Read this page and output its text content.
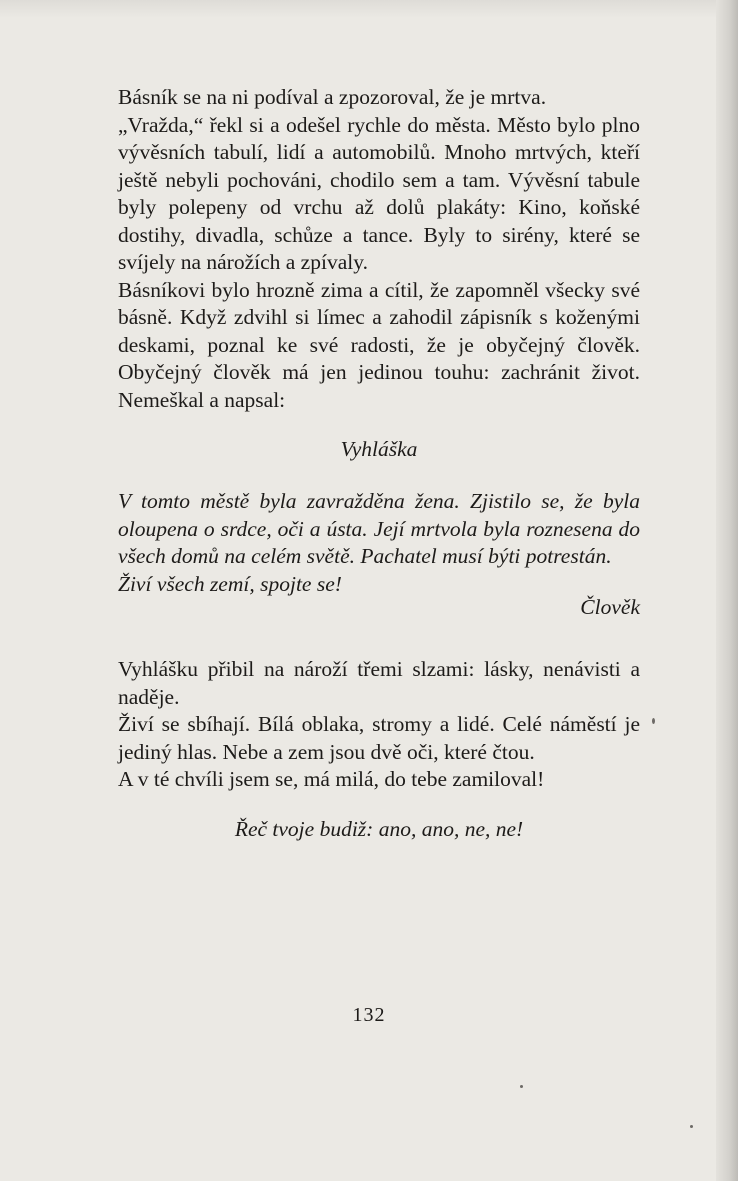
Básník se na ni podíval a zpozoroval, že je mrtva.

„Vražda,“ řekl si a odešel rychle do města. Město bylo plno vývěsních tabulí, lidí a automobilů. Mnoho mrtvých, kteří ještě nebyli pochováni, chodilo sem a tam. Vývěsní tabule byly polepeny od vrchu až dolů plakáty: Kino, koňské dostihy, divadla, schůze a tance. Byly to sirény, které se svíjely na nárožích a zpívaly.

Básníkovi bylo hrozně zima a cítil, že zapomněl všecky své básně. Když zdvihl si límec a zahodil zápisník s koženými deskami, poznal ke své radosti, že je obyčejný člověk. Obyčejný člověk má jen jedinou touhu: zachránit život. Nemeškal a napsal:

Vyhláška

V tomto městě byla zavražděna žena. Zjistilo se, že byla oloupena o srdce, oči a ústa. Její mrtvola byla roznesena do všech domů na celém světě. Pachatel musí býti potrestán.

Živí všech zemí, spojte se!

Člověk

Vyhlášku přibil na nároží třemi slzami: lásky, nenávisti a naděje.

Živí se sbíhají. Bílá oblaka, stromy a lidé. Celé náměstí je jediný hlas. Nebe a zem jsou dvě oči, které čtou.

A v té chvíli jsem se, má milá, do tebe zamiloval!

Řeč tvoje budiž: ano, ano, ne, ne!

132
